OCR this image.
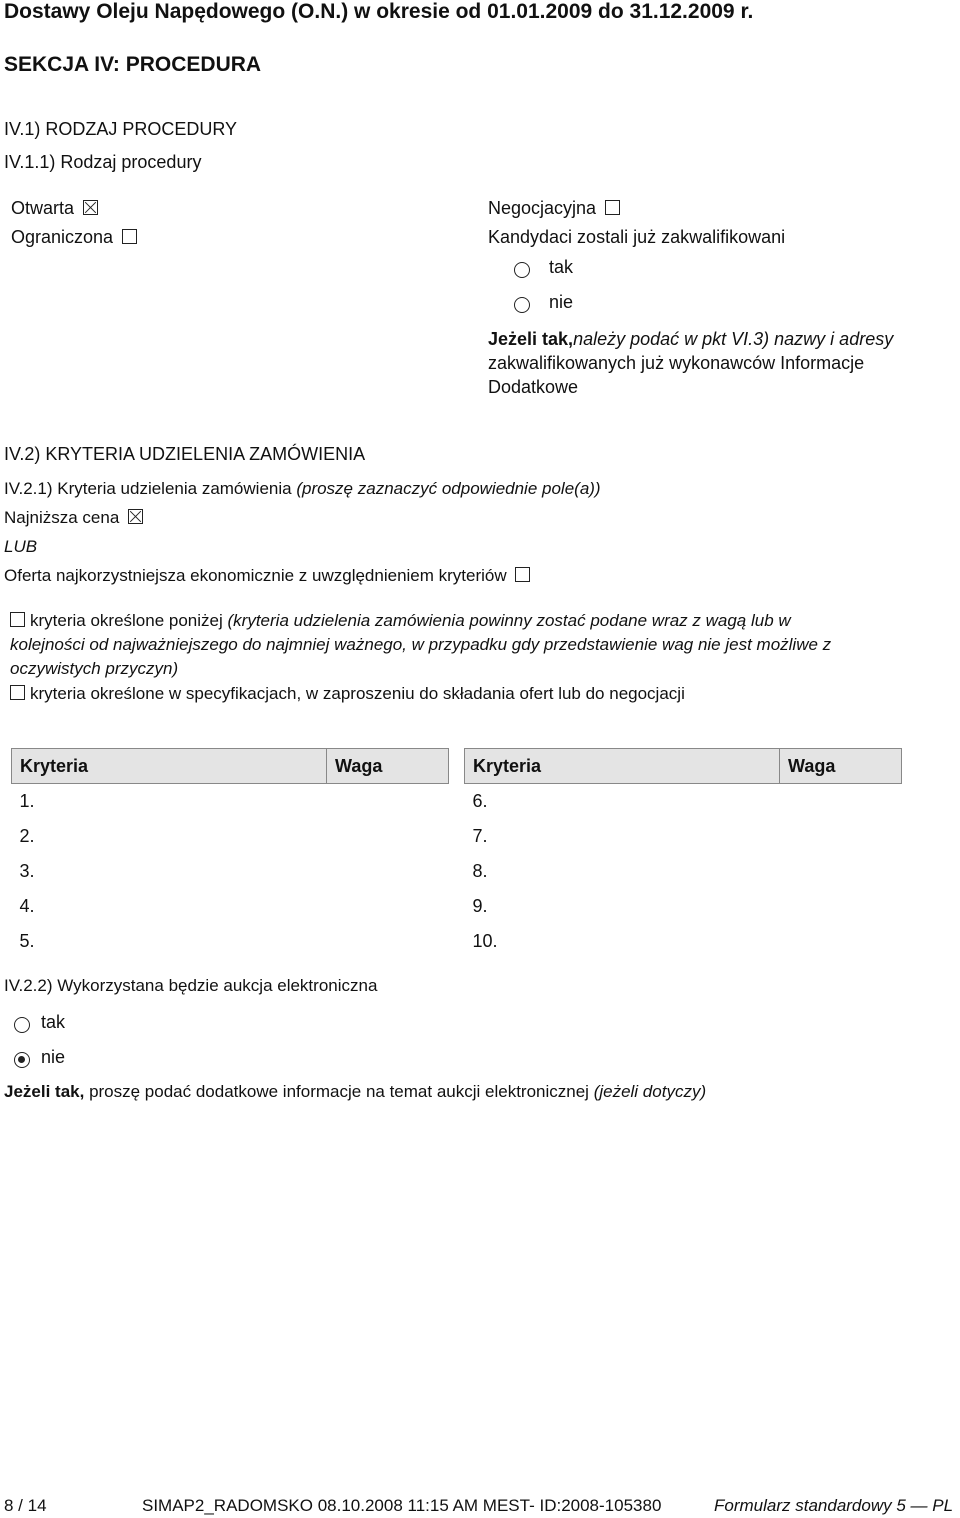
Dostawy Oleju Napędowego (O.N.) w okresie od 01.01.2009 do 31.12.2009 r.
SEKCJA IV: PROCEDURA
IV.1) RODZAJ PROCEDURY
IV.1.1) Rodzaj procedury
Otwarta
Ograniczona
Negocjacyjna
Kandydaci zostali już zakwalifikowani
tak
nie
Jeżeli tak,należy podać w pkt VI.3) nazwy i adresy
zakwalifikowanych już wykonawców Informacje
Dodatkowe
IV.2) KRYTERIA UDZIELENIA ZAMÓWIENIA
IV.2.1) Kryteria udzielenia zamówienia (proszę zaznaczyć odpowiednie pole(a))
Najniższa cena
LUB
Oferta najkorzystniejsza ekonomicznie z uwzględnieniem kryteriów
kryteria określone poniżej (kryteria udzielenia zamówienia powinny zostać podane wraz z wagą lub w
kolejności od najważniejszego do najmniej ważnego, w przypadku gdy przedstawienie wag nie jest możliwe z
oczywistych przyczyn)
kryteria określone w specyfikacjach, w zaproszeniu do składania ofert lub do negocjacji
Kryteria	Waga
1.	
2.	
3.	
4.	
5.	
Kryteria	Waga
6.	
7.	
8.	
9.	
10.	
IV.2.2) Wykorzystana będzie aukcja elektroniczna
tak
nie
Jeżeli tak, proszę podać dodatkowe informacje na temat aukcji elektronicznej (jeżeli dotyczy)
8 / 14	SIMAP2_RADOMSKO 08.10.2008 11:15 AM MEST- ID:2008-105380	Formularz standardowy 5 — PL
